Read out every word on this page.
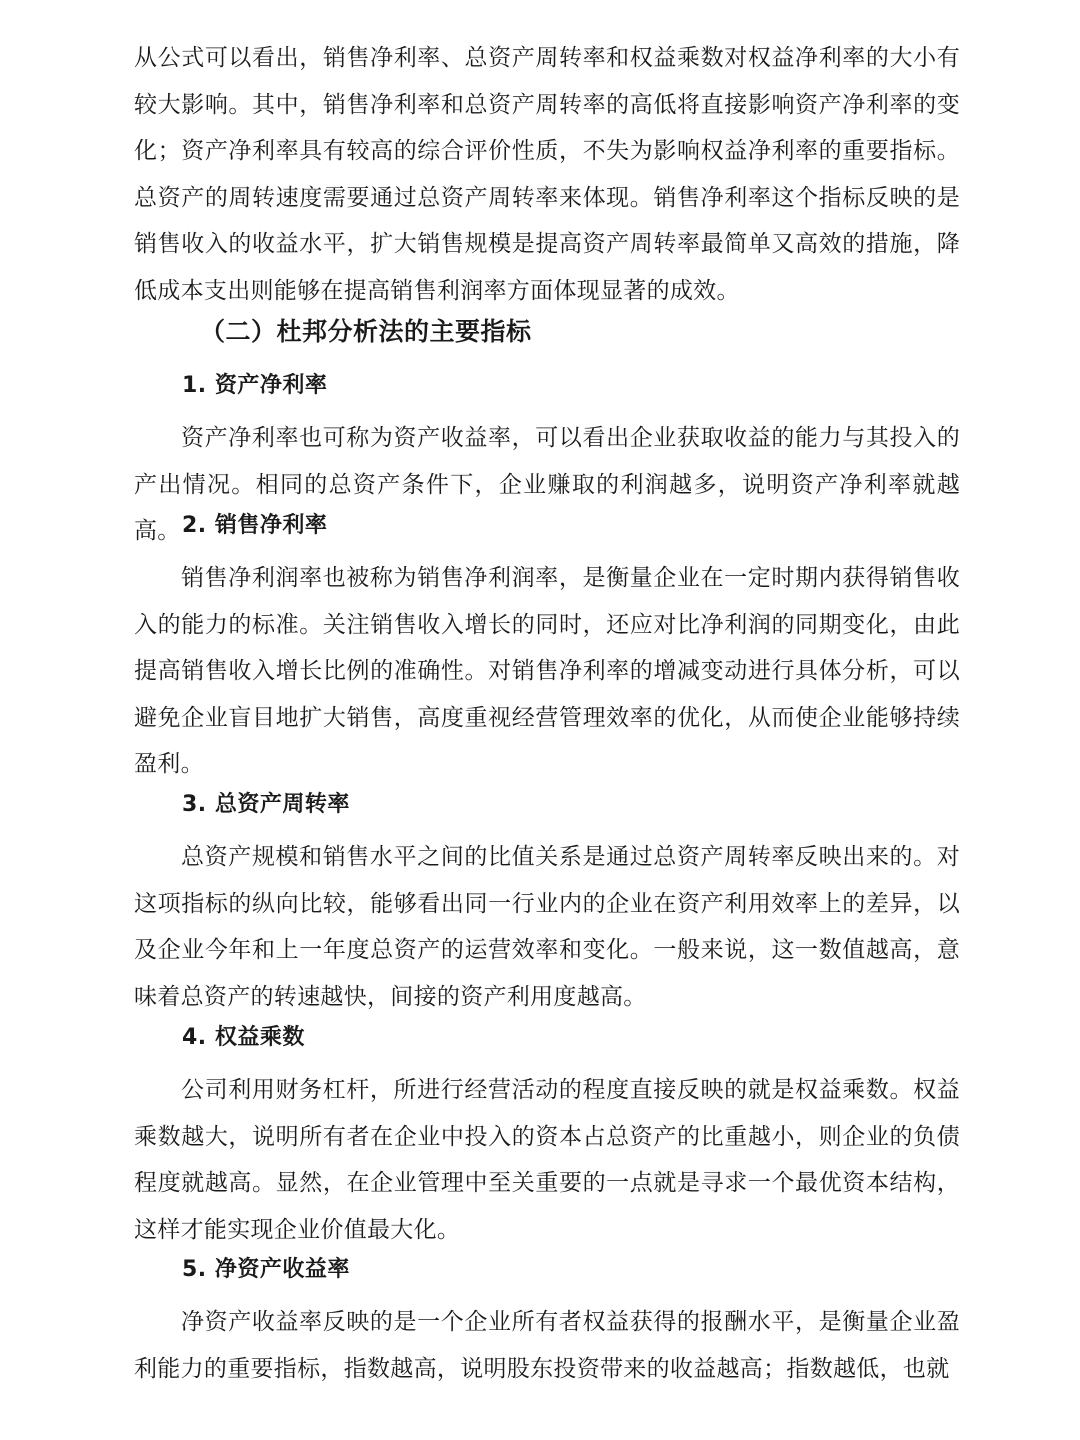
从公式可以看出，销售净利率、总资产周转率和权益乘数对权益净利率的大小有较大影响。其中，销售净利率和总资产周转率的高低将直接影响资产净利率的变化；资产净利率具有较高的综合评价性质，不失为影响权益净利率的重要指标。总资产的周转速度需要通过总资产周转率来体现。销售净利率这个指标反映的是销售收入的收益水平，扩大销售规模是提高资产周转率最简单又高效的措施，降低成本支出则能够在提高销售利润率方面体现显著的成效。

（二）杜邦分析法的主要指标
1. 资产净利率

资产净利率也可称为资产收益率，可以看出企业获取收益的能力与其投入的产出情况。相同的总资产条件下，企业赚取的利润越多，说明资产净利率就越高。 2. 销售净利率

销售净利润率也被称为销售净利润率，是衡量企业在一定时期内获得销售收入的能力的标准。关注销售收入增长的同时，还应对比净利润的同期变化，由此提高销售收入增长比例的准确性。对销售净利率的增减变动进行具体分析，可以避免企业盲目地扩大销售，高度重视经营管理效率的优化，从而使企业能够持续盈利。

3. 总资产周转率

总资产规模和销售水平之间的比值关系是通过总资产周转率反映出来的。对这项指标的纵向比较，能够看出同一行业内的企业在资产利用效率上的差异，以及企业今年和上一年度总资产的运营效率和变化。一般来说，这一数值越高，意味着总资产的转速越快，间接的资产利用度越高。

4. 权益乘数

公司利用财务杠杆，所进行经营活动的程度直接反映的就是权益乘数。权益乘数越大，说明所有者在企业中投入的资本占总资产的比重越小，则企业的负债程度就越高。显然，在企业管理中至关重要的一点就是寻求一个最优资本结构，这样才能实现企业价值最大化。

5. 净资产收益率

净资产收益率反映的是一个企业所有者权益获得的报酬水平，是衡量企业盈利能力的重要指标，指数越高，说明股东投资带来的收益越高；指数越低，也就
